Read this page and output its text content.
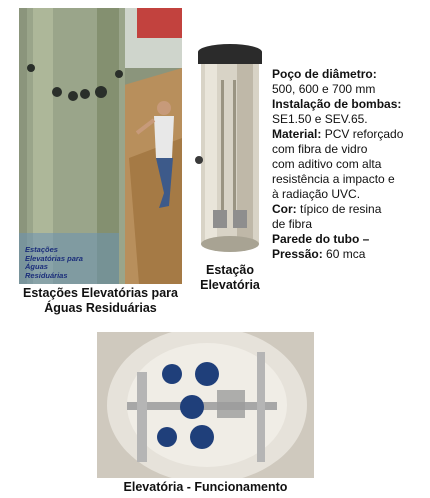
Estações
Elevatórias para
Águas
Residuárias
Estações Elevatórias para
Águas Residuárias
Estação
Elevatória
Poço de diâmetro:
500, 600 e 700 mm
Instalação de bombas:
SE1.50 e SEV.65.
Material: PCV reforçado
com fibra de vidro
com aditivo com alta
resistência a impacto e
à radiação UVC.
Cor: típico de resina
de fibra
Parede do tubo –
Pressão: 60 mca
Elevatória - Funcionamento
